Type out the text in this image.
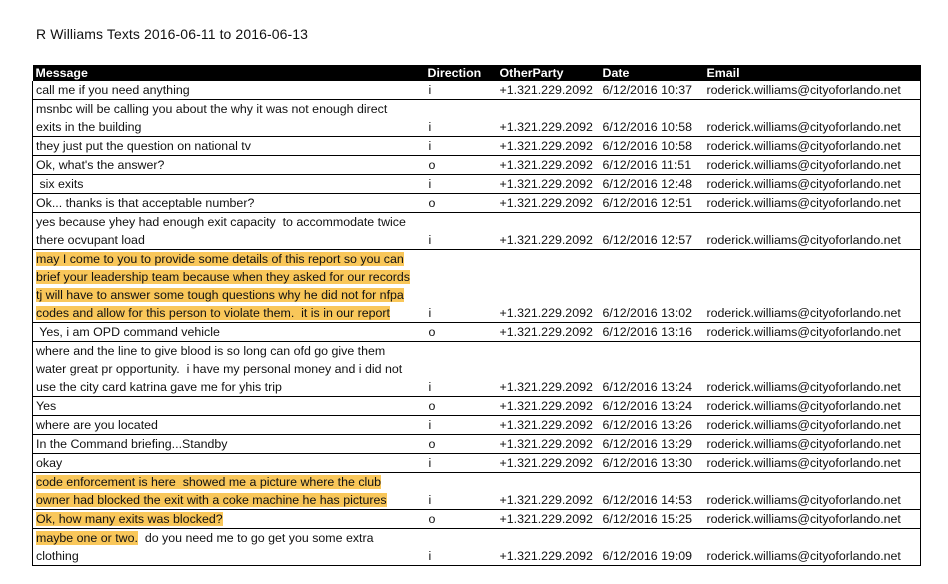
R Williams Texts 2016-06-11 to 2016-06-13
Message	Direction	OtherParty	Date	Email

call me if you need anything	i	+1.321.229.2092	6/12/2016 10:37	roderick.williams@cityoforlando.net

msnbc will be calling you about the why it was not enough direct
exits in the building	i	+1.321.229.2092	6/12/2016 10:58	roderick.williams@cityoforlando.net

they just put the question on national tv	i	+1.321.229.2092	6/12/2016 10:58	roderick.williams@cityoforlando.net

Ok, what's the answer?	o	+1.321.229.2092	6/12/2016 11:51	roderick.williams@cityoforlando.net

six exits	i	+1.321.229.2092	6/12/2016 12:48	roderick.williams@cityoforlando.net

Ok... thanks is that acceptable number?	o	+1.321.229.2092	6/12/2016 12:51	roderick.williams@cityoforlando.net

yes because yhey had enough exit capacity  to accommodate twice
there ocvupant load	i	+1.321.229.2092	6/12/2016 12:57	roderick.williams@cityoforlando.net

may I come to you to provide some details of this report so you can
brief your leadership team because when they asked for our records
tj will have to answer some tough questions why he did not for nfpa
codes and allow for this person to violate them.  it is in our report	i	+1.321.229.2092	6/12/2016 13:02	roderick.williams@cityoforlando.net

Yes, i am OPD command vehicle	o	+1.321.229.2092	6/12/2016 13:16	roderick.williams@cityoforlando.net

where and the line to give blood is so long can ofd go give them
water great pr opportunity.  i have my personal money and i did not
use the city card katrina gave me for yhis trip	i	+1.321.229.2092	6/12/2016 13:24	roderick.williams@cityoforlando.net

Yes	o	+1.321.229.2092	6/12/2016 13:24	roderick.williams@cityoforlando.net

where are you located	i	+1.321.229.2092	6/12/2016 13:26	roderick.williams@cityoforlando.net

In the Command briefing...Standby	o	+1.321.229.2092	6/12/2016 13:29	roderick.williams@cityoforlando.net

okay	i	+1.321.229.2092	6/12/2016 13:30	roderick.williams@cityoforlando.net

code enforcement is here  showed me a picture where the club
owner had blocked the exit with a coke machine he has pictures	i	+1.321.229.2092	6/12/2016 14:53	roderick.williams@cityoforlando.net

Ok, how many exits was blocked?	o	+1.321.229.2092	6/12/2016 15:25	roderick.williams@cityoforlando.net

maybe one or two.  do you need me to go get you some extra
clothing	i	+1.321.229.2092	6/12/2016 19:09	roderick.williams@cityoforlando.net
